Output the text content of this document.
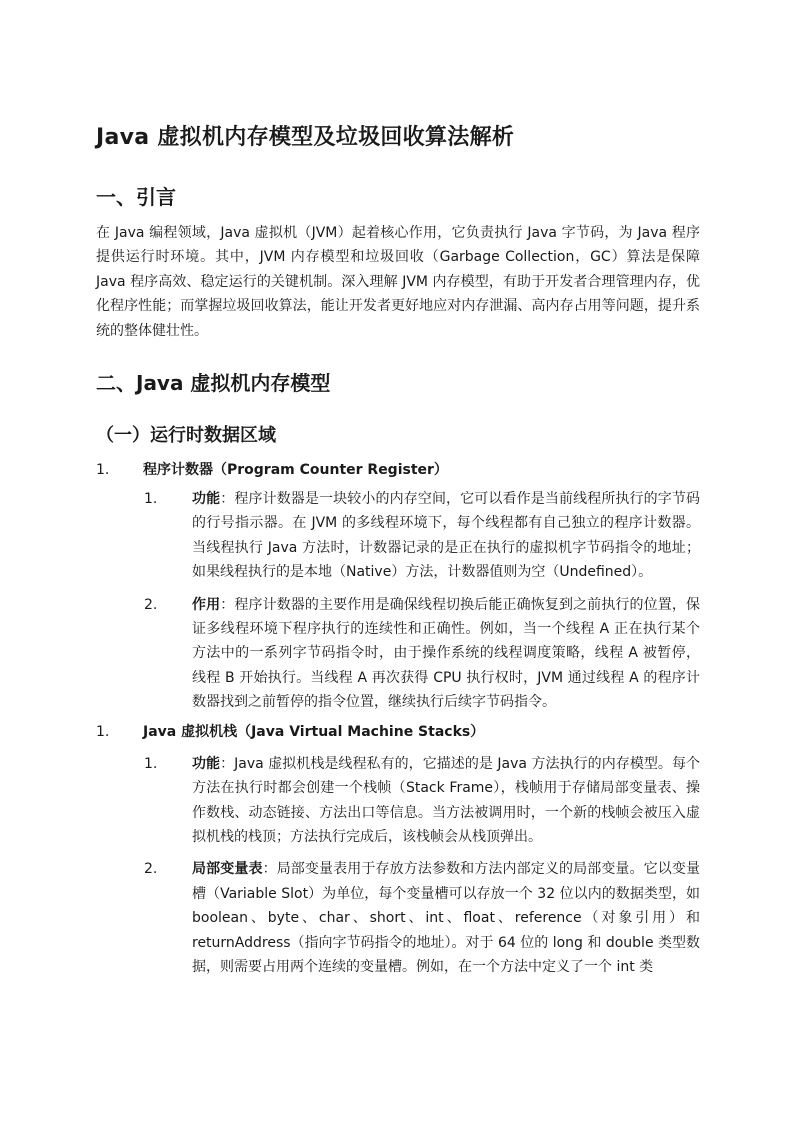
Java 虚拟机内存模型及垃圾回收算法解析
一、引言

在 Java 编程领域，Java 虚拟机（JVM）起着核心作用，它负责执行 Java 字节码，为 Java 程序提供运行时环境。其中，JVM 内存模型和垃圾回收（Garbage Collection，GC）算法是保障 Java 程序高效、稳定运行的关键机制。深入理解 JVM 内存模型，有助于开发者合理管理内存，优化程序性能；而掌握垃圾回收算法，能让开发者更好地应对内存泄漏、高内存占用等问题，提升系统的整体健壮性。

二、Java 虚拟机内存模型
（一）运行时数据区域
1. 程序计数器（Program Counter Register）
1. 功能：程序计数器是一块较小的内存空间，它可以看作是当前线程所执行的字节码的行号指示器。在 JVM 的多线程环境下，每个线程都有自己独立的程序计数器。当线程执行 Java 方法时，计数器记录的是正在执行的虚拟机字节码指令的地址；如果线程执行的是本地（Native）方法，计数器值则为空（Undefined）。
2. 作用：程序计数器的主要作用是确保线程切换后能正确恢复到之前执行的位置，保证多线程环境下程序执行的连续性和正确性。例如，当一个线程 A 正在执行某个方法中的一系列字节码指令时，由于操作系统的线程调度策略，线程 A 被暂停，线程 B 开始执行。当线程 A 再次获得 CPU 执行权时，JVM 通过线程 A 的程序计数器找到之前暂停的指令位置，继续执行后续字节码指令。
1. Java 虚拟机栈（Java Virtual Machine Stacks）
1. 功能：Java 虚拟机栈是线程私有的，它描述的是 Java 方法执行的内存模型。每个方法在执行时都会创建一个栈帧（Stack Frame），栈帧用于存储局部变量表、操作数栈、动态链接、方法出口等信息。当方法被调用时，一个新的栈帧会被压入虚拟机栈的栈顶；方法执行完成后，该栈帧会从栈顶弹出。
2. 局部变量表：局部变量表用于存放方法参数和方法内部定义的局部变量。它以变量槽（Variable Slot）为单位，每个变量槽可以存放一个 32 位以内的数据类型，如 boolean、byte、char、short、int、float、reference（对象引用）和 returnAddress（指向字节码指令的地址）。对于 64 位的 long 和 double 类型数据，则需要占用两个连续的变量槽。例如，在一个方法中定义了一个 int 类
